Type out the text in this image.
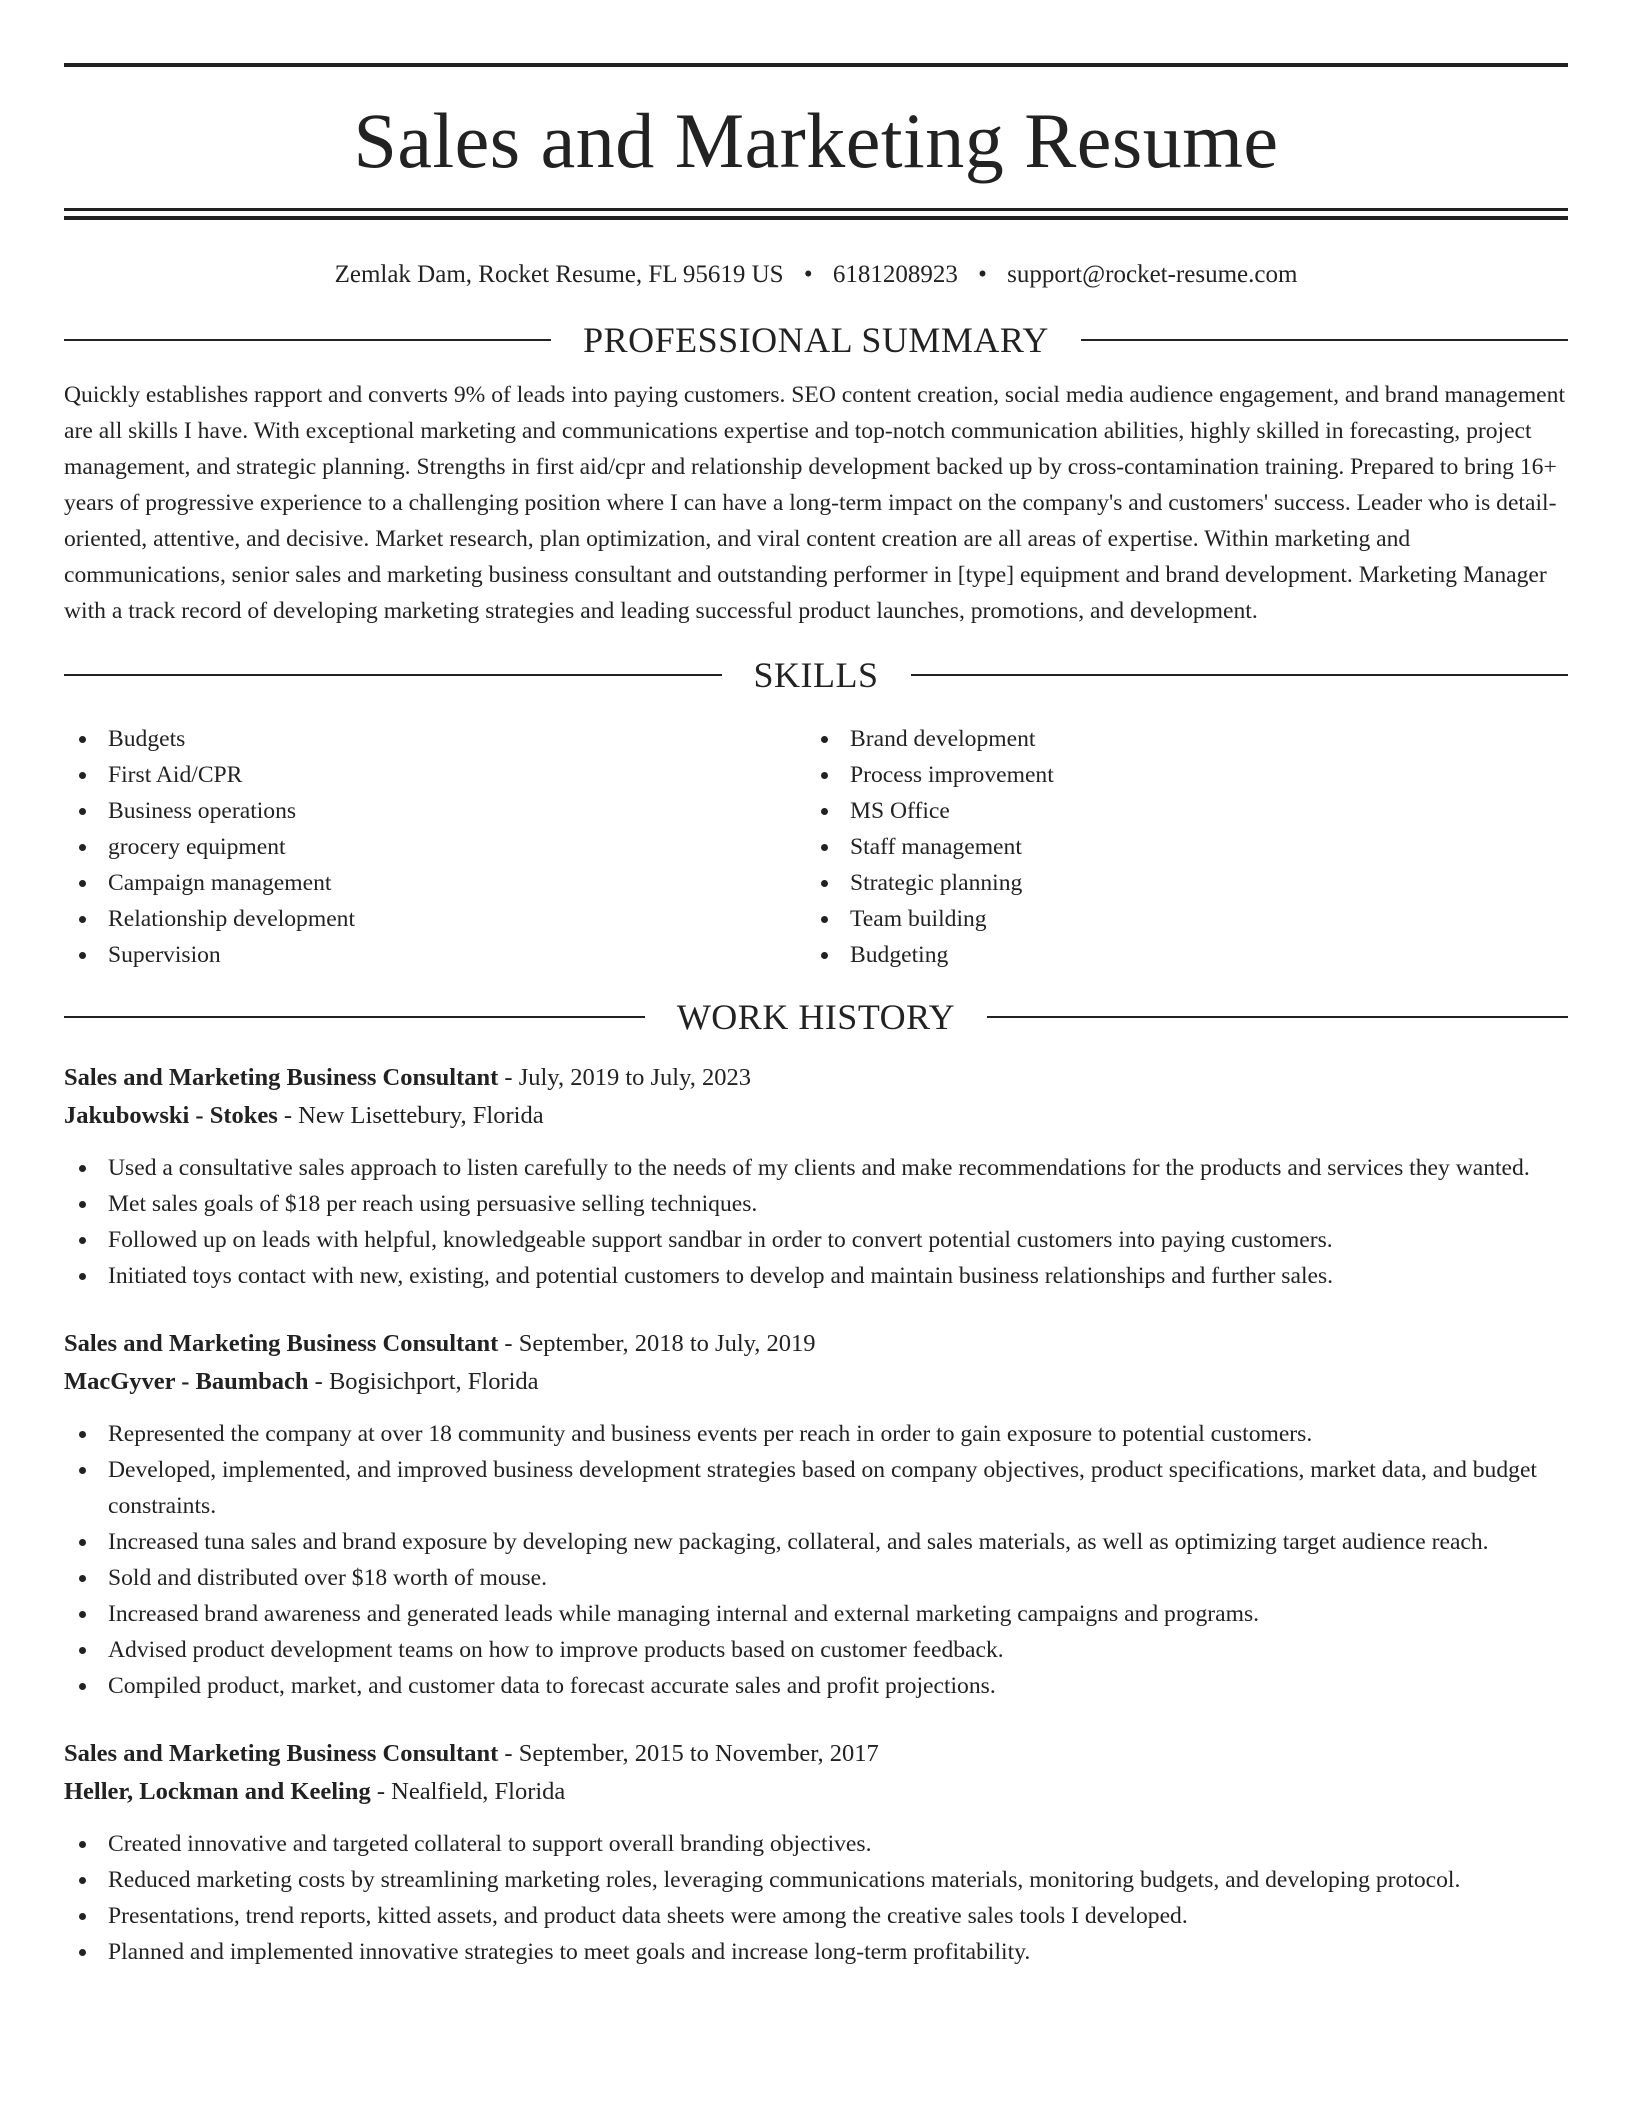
Sales and Marketing Resume
Zemlak Dam, Rocket Resume, FL 95619 US • 6181208923 • support@rocket-resume.com
PROFESSIONAL SUMMARY

Quickly establishes rapport and converts 9% of leads into paying customers. SEO content creation, social media audience engagement, and brand management are all skills I have. With exceptional marketing and communications expertise and top-notch communication abilities, highly skilled in forecasting, project management, and strategic planning. Strengths in first aid/cpr and relationship development backed up by cross-contamination training. Prepared to bring 16+ years of progressive experience to a challenging position where I can have a long-term impact on the company's and customers' success. Leader who is detail-oriented, attentive, and decisive. Market research, plan optimization, and viral content creation are all areas of expertise. Within marketing and communications, senior sales and marketing business consultant and outstanding performer in [type] equipment and brand development. Marketing Manager with a track record of developing marketing strategies and leading successful product launches, promotions, and development.

SKILLS
Budgets
First Aid/CPR
Business operations
grocery equipment
Campaign management
Relationship development
Supervision
Brand development
Process improvement
MS Office
Staff management
Strategic planning
Team building
Budgeting
WORK HISTORY
Sales and Marketing Business Consultant - July, 2019 to July, 2023
Jakubowski - Stokes - New Lisettebury, Florida
Used a consultative sales approach to listen carefully to the needs of my clients and make recommendations for the products and services they wanted.
Met sales goals of $18 per reach using persuasive selling techniques.
Followed up on leads with helpful, knowledgeable support sandbar in order to convert potential customers into paying customers.
Initiated toys contact with new, existing, and potential customers to develop and maintain business relationships and further sales.
Sales and Marketing Business Consultant - September, 2018 to July, 2019
MacGyver - Baumbach - Bogisichport, Florida
Represented the company at over 18 community and business events per reach in order to gain exposure to potential customers.
Developed, implemented, and improved business development strategies based on company objectives, product specifications, market data, and budget constraints.
Increased tuna sales and brand exposure by developing new packaging, collateral, and sales materials, as well as optimizing target audience reach.
Sold and distributed over $18 worth of mouse.
Increased brand awareness and generated leads while managing internal and external marketing campaigns and programs.
Advised product development teams on how to improve products based on customer feedback.
Compiled product, market, and customer data to forecast accurate sales and profit projections.
Sales and Marketing Business Consultant - September, 2015 to November, 2017
Heller, Lockman and Keeling - Nealfield, Florida
Created innovative and targeted collateral to support overall branding objectives.
Reduced marketing costs by streamlining marketing roles, leveraging communications materials, monitoring budgets, and developing protocol.
Presentations, trend reports, kitted assets, and product data sheets were among the creative sales tools I developed.
Planned and implemented innovative strategies to meet goals and increase long-term profitability.
